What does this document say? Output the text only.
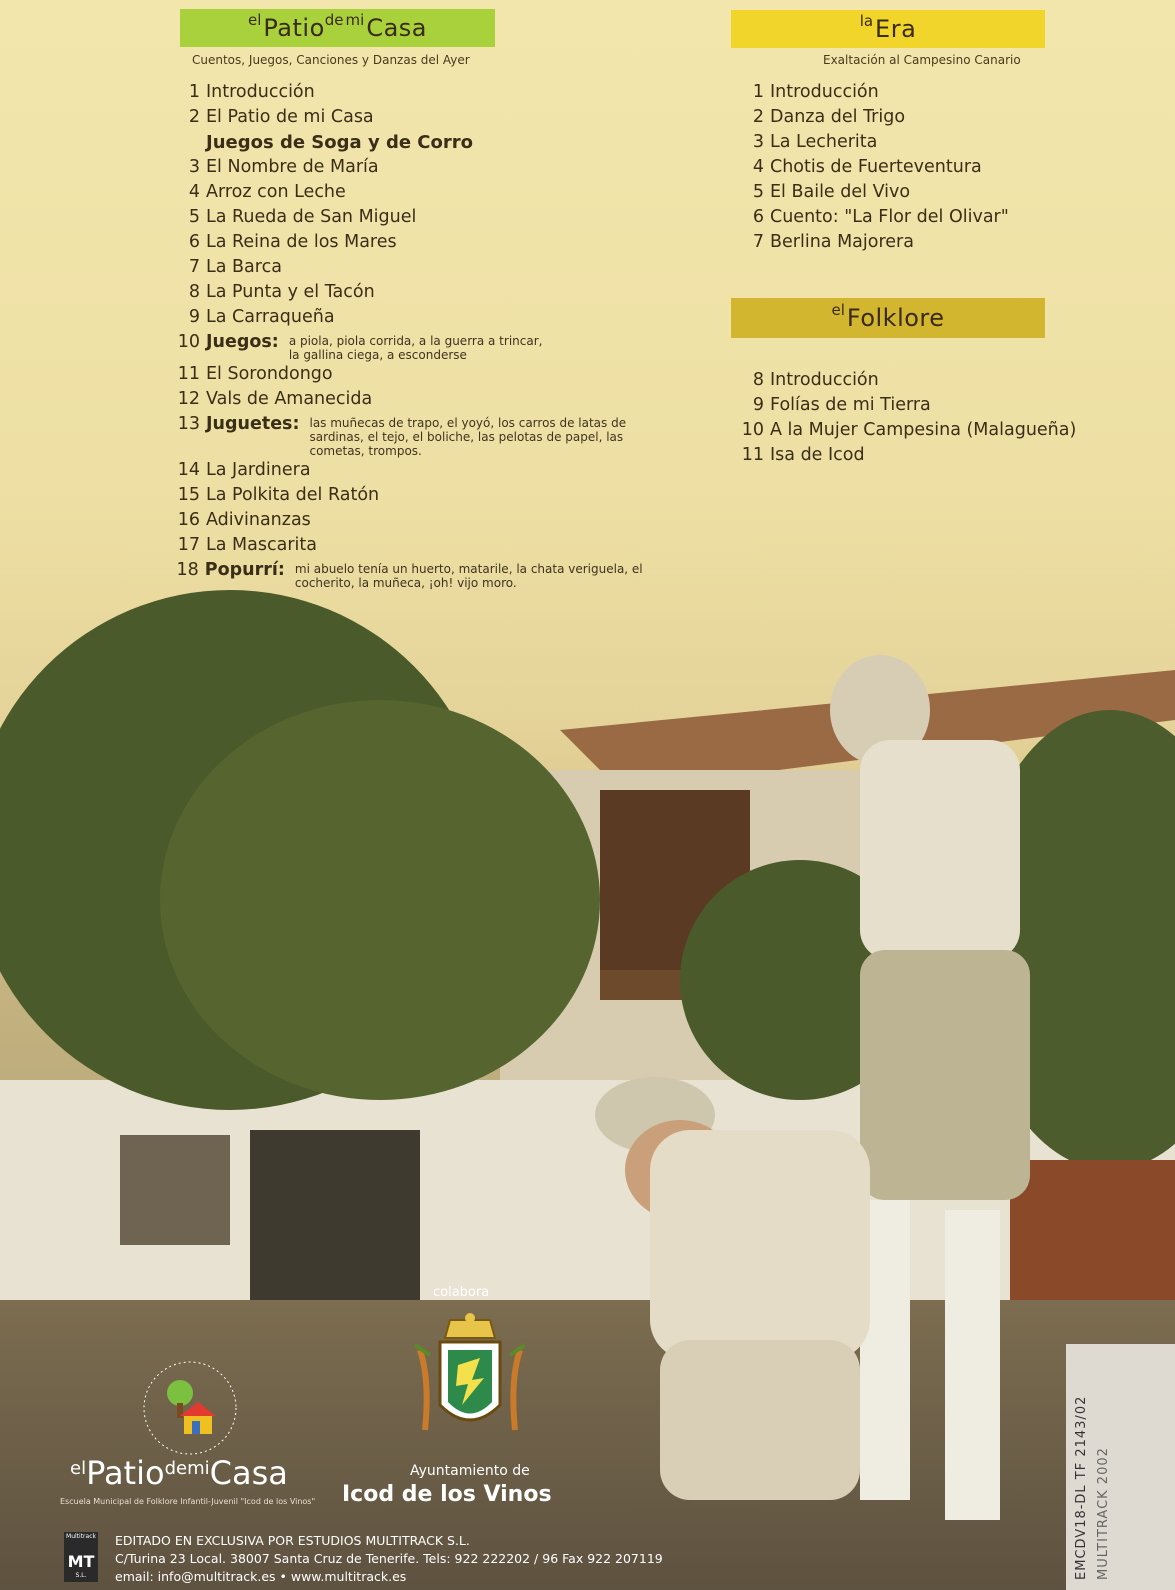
el Patio de mi Casa
Cuentos, Juegos, Canciones y Danzas del Ayer
la Era
Exaltación al Campesino Canario
el Folklore
1 Introducción
2 El Patio de mi Casa
Juegos de Soga y de Corro
3 El Nombre de María
4 Arroz con Leche
5 La Rueda de San Miguel
6 La Reina de los Mares
7 La Barca
8 La Punta y el Tacón
9 La Carraqueña
10 Juegos: a piola, piola corrida, a la guerra a trincar, la gallina ciega, a esconderse
11 El Sorondongo
12 Vals de Amanecida
13 Juguetes: las muñecas de trapo, el yoyó, los carros de latas de sardinas, el tejo, el boliche, las pelotas de papel, las cometas, trompos.
14 La Jardinera
15 La Polkita del Ratón
16 Adivinanzas
17 La Mascarita
18 Popurrí: mi abuelo tenía un huerto, matarile, la chata veriguela, el cocherito, la muñeca, ¡oh! vijo moro.
1 Introducción
2 Danza del Trigo
3 La Lecherita
4 Chotis de Fuerteventura
5 El Baile del Vivo
6 Cuento: "La Flor del Olivar"
7 Berlina Majorera
8 Introducción
9 Folías de mi Tierra
10 A la Mujer Campesina (Malagueña)
11 Isa de Icod
colabora
Ayuntamiento de
Icod de los Vinos
elPatiodemiCasa
Escuela Municipal de Folklore Infantil-Juvenil "Icod de los Vinos"	EMCDV18-DL TF 2143/02 MULTITRACK 2002
Multitrack
MT
S.L.
EDITADO EN EXCLUSIVA POR ESTUDIOS MULTITRACK S.L.
C/Turina 23 Local. 38007 Santa Cruz de Tenerife. Tels: 922 222202 / 96 Fax 922 207119
email: info@multitrack.es • www.multitrack.es
